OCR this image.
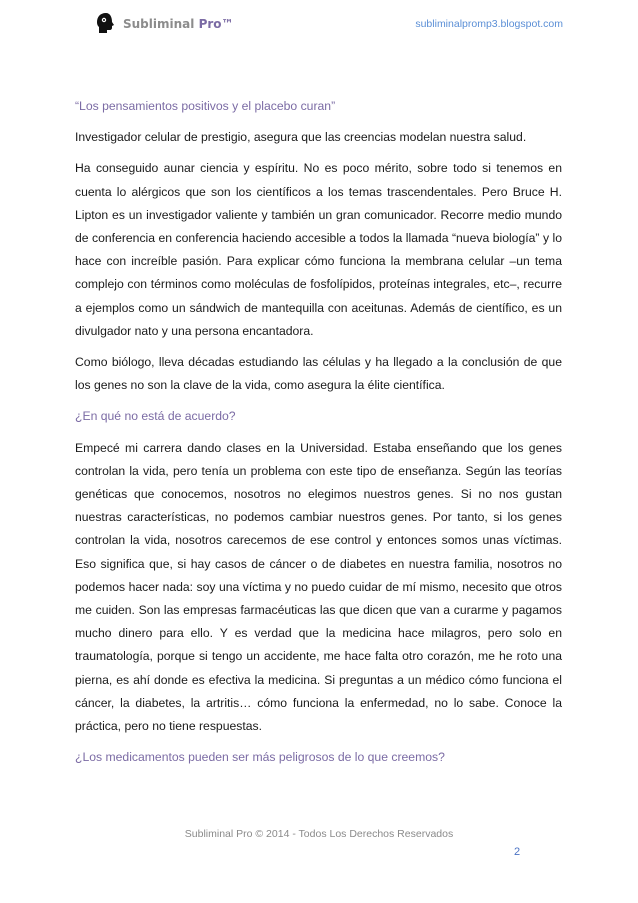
Subliminal Pro™	subliminalpromp3.blogspot.com

“Los pensamientos positivos y el placebo curan”

Investigador celular de prestigio, asegura que las creencias modelan nuestra salud.

Ha conseguido aunar ciencia y espíritu. No es poco mérito, sobre todo si tenemos en cuenta lo alérgicos que son los científicos a los temas trascendentales. Pero Bruce H. Lipton es un investigador valiente y también un gran comunicador. Recorre medio mundo de conferencia en conferencia haciendo accesible a todos la llamada “nueva biología” y lo hace con increíble pasión. Para explicar cómo funciona la membrana celular –un tema complejo con términos como moléculas de fosfolípidos, proteínas integrales, etc–, recurre a ejemplos como un sándwich de mantequilla con aceitunas. Además de científico, es un divulgador nato y una persona encantadora.

Como biólogo, lleva décadas estudiando las células y ha llegado a la conclusión de que los genes no son la clave de la vida, como asegura la élite científica.

¿En qué no está de acuerdo?

Empecé mi carrera dando clases en la Universidad. Estaba enseñando que los genes controlan la vida, pero tenía un problema con este tipo de enseñanza. Según las teorías genéticas que conocemos, nosotros no elegimos nuestros genes. Si no nos gustan nuestras características, no podemos cambiar nuestros genes. Por tanto, si los genes controlan la vida, nosotros carecemos de ese control y entonces somos unas víctimas. Eso significa que, si hay casos de cáncer o de diabetes en nuestra familia, nosotros no podemos hacer nada: soy una víctima y no puedo cuidar de mí mismo, necesito que otros me cuiden. Son las empresas farmacéuticas las que dicen que van a curarme y pagamos mucho dinero para ello. Y es verdad que la medicina hace milagros, pero solo en traumatología, porque si tengo un accidente, me hace falta otro corazón, me he roto una pierna, es ahí donde es efectiva la medicina. Si preguntas a un médico cómo funciona el cáncer, la diabetes, la artritis… cómo funciona la enfermedad, no lo sabe. Conoce la práctica, pero no tiene respuestas.

¿Los medicamentos pueden ser más peligrosos de lo que creemos?

Subliminal Pro © 2014 - Todos Los Derechos Reservados
2
